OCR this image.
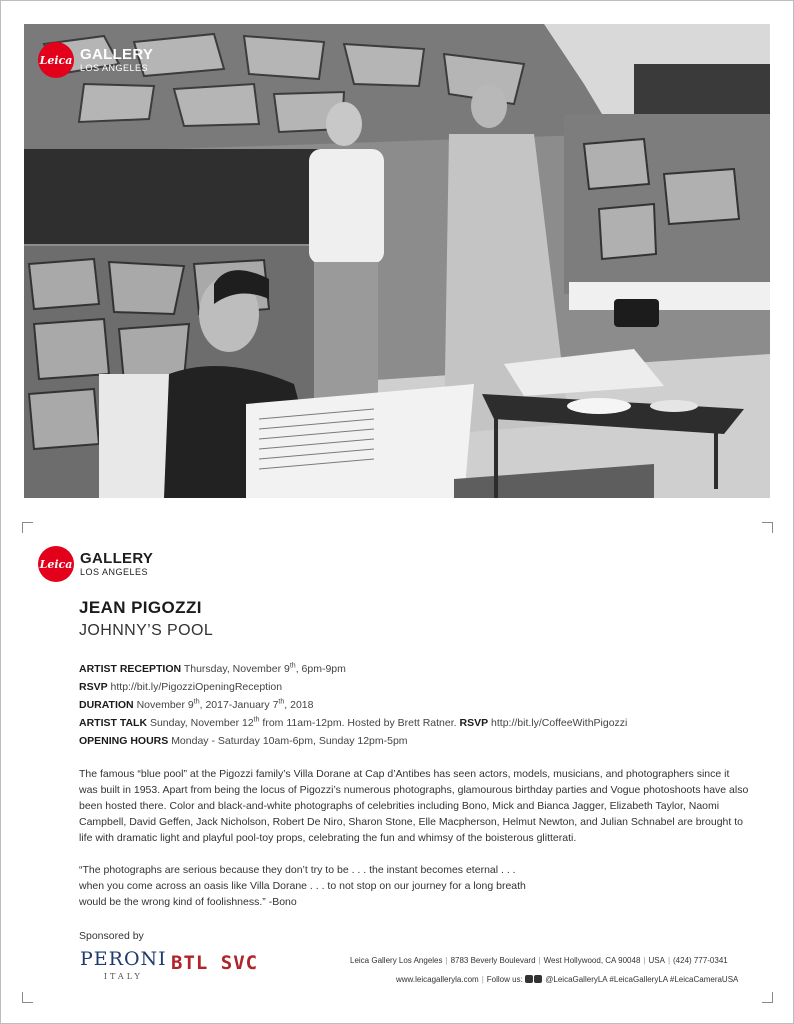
Leica GALLERY
LOS ANGELES
Leica GALLERY
LOS ANGELES
JEAN PIGOZZI
JOHNNY’S POOL
ARTIST RECEPTION Thursday, November 9th, 6pm-9pm
RSVP http://bit.ly/PigozziOpeningReception
DURATION November 9th, 2017-January 7th, 2018
ARTIST TALK Sunday, November 12th from 11am-12pm. Hosted by Brett Ratner. RSVP http://bit.ly/CoffeeWithPigozzi
OPENING HOURS Monday - Saturday 10am-6pm, Sunday 12pm-5pm

The famous “blue pool” at the Pigozzi family’s Villa Dorane at Cap d’Antibes has seen actors, models, musicians, and photographers since it was built in 1953. Apart from being the locus of Pigozzi’s numerous photographs, glamourous birthday parties and Vogue photoshoots have also been hosted there. Color and black-and-white photographs of celebrities including Bono, Mick and Bianca Jagger, Elizabeth Taylor, Naomi Campbell, David Geffen, Jack Nicholson, Robert De Niro, Sharon Stone, Elle Macpherson, Helmut Newton, and Julian Schnabel are brought to life with dramatic light and playful pool-toy props, celebrating the fun and whimsy of the boisterous glitterati.

“The photographs are serious because they don’t try to be . . . the instant becomes eternal . . .
when you come across an oasis like Villa Dorane . . . to not stop on our journey for a long breath
would be the wrong kind of foolishness.” -Bono

Sponsored by
PERONI
ITALY
BTL SVC	Leica Gallery Los Angeles | 8783 Beverly Boulevard | West Hollywood, CA 90048 | USA | (424) 777-0341
www.leicagalleryla.com | Follow us:	@LeicaGalleryLA #LeicaGalleryLA #LeicaCameraUSA
